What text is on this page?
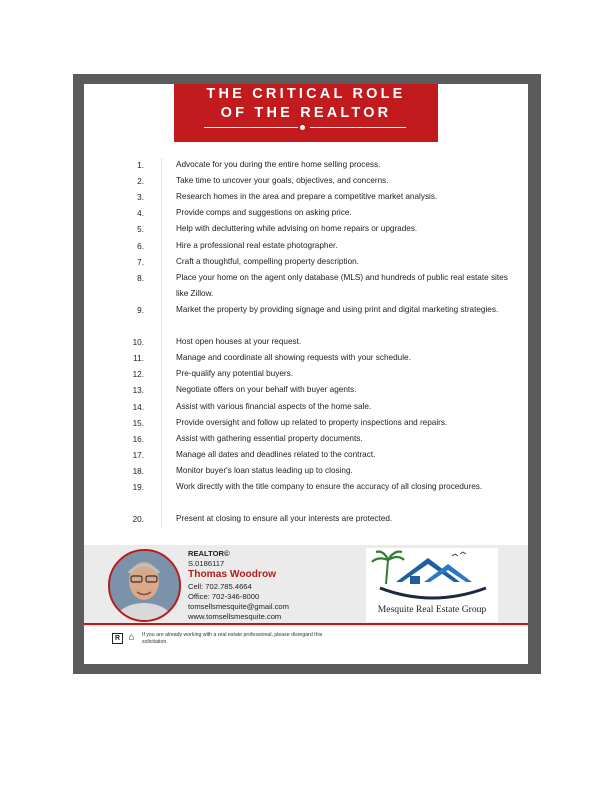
THE CRITICAL ROLE
OF THE REALTOR
1.	Advocate for you during the entire home selling process.
2.	Take time to uncover your goals, objectives, and concerns.
3.	Research homes in the area and prepare a competitive market analysis.
4.	Provide comps and suggestions on asking price.
5.	Help with decluttering while advising on home repairs or upgrades.
6.	Hire a professional real estate photographer.
7.	Craft a thoughtful, compelling property description.
8.	Place your home on the agent only database (MLS) and hundreds of public real estate sites like Zillow.
9.	Market the property by providing signage and using print and digital marketing strategies.
10.	Host open houses at your request.
11.	Manage and coordinate all showing requests with your schedule.
12.	Pre-qualify any potential buyers.
13.	Negotiate offers on your behalf with buyer agents.
14.	Assist with various financial aspects of the home sale.
15.	Provide oversight and follow up related to property inspections and repairs.
16.	Assist with gathering essential property documents.
17.	Manage all dates and deadlines related to the contract.
18.	Monitor buyer's loan status leading up to closing.
19.	Work directly with the title company to ensure the accuracy of all closing procedures.
20.	Present at closing to ensure all your interests are protected.
REALTOR©
S.0186117
Thomas Woodrow
Cell: 702.785.4664
Office: 702-346-8000
tomsellsmesquite@gmail.com
www.tomsellsmesquite.com
Mesquite Real Estate Group
R ⌂ If you are already working with a real estate professional, please disregard this solicitation.
